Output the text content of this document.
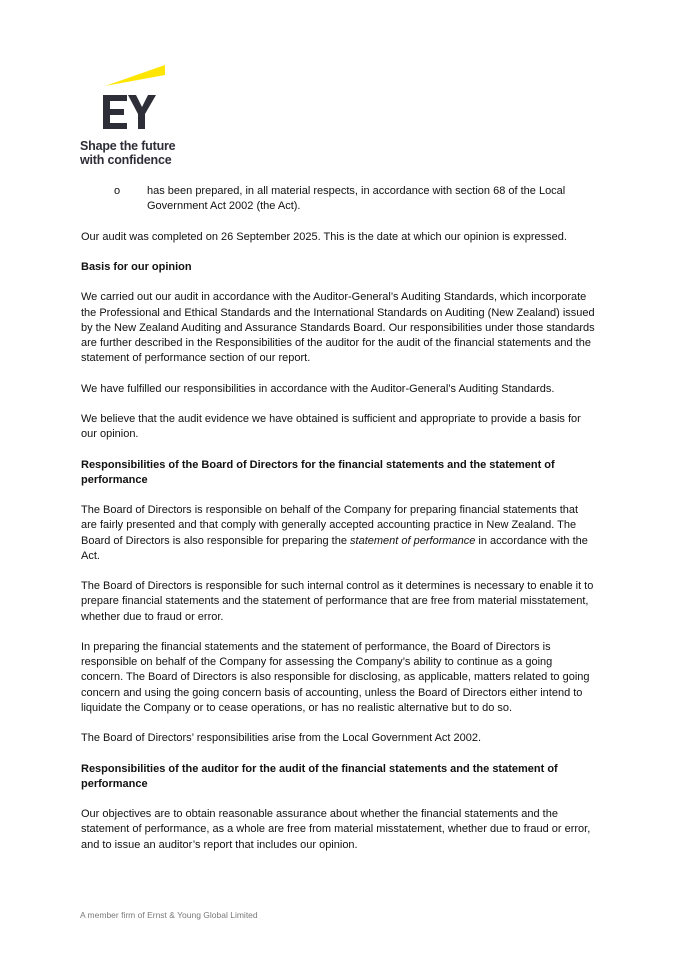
Shape the future
with confidence
o has been prepared, in all material respects, in accordance with section 68 of the Local Government Act 2002 (the Act).

Our audit was completed on 26 September 2025. This is the date at which our opinion is expressed.

Basis for our opinion

We carried out our audit in accordance with the Auditor-General’s Auditing Standards, which incorporate the Professional and Ethical Standards and the International Standards on Auditing (New Zealand) issued by the New Zealand Auditing and Assurance Standards Board. Our responsibilities under those standards are further described in the Responsibilities of the auditor for the audit of the financial statements and the statement of performance section of our report.

We have fulfilled our responsibilities in accordance with the Auditor-General’s Auditing Standards.

We believe that the audit evidence we have obtained is sufficient and appropriate to provide a basis for our opinion.

Responsibilities of the Board of Directors for the financial statements and the statement of performance

The Board of Directors is responsible on behalf of the Company for preparing financial statements that are fairly presented and that comply with generally accepted accounting practice in New Zealand. The Board of Directors is also responsible for preparing the statement of performance in accordance with the Act.

The Board of Directors is responsible for such internal control as it determines is necessary to enable it to prepare financial statements and the statement of performance that are free from material misstatement, whether due to fraud or error.

In preparing the financial statements and the statement of performance, the Board of Directors is responsible on behalf of the Company for assessing the Company’s ability to continue as a going concern. The Board of Directors is also responsible for disclosing, as applicable, matters related to going concern and using the going concern basis of accounting, unless the Board of Directors either intend to liquidate the Company or to cease operations, or has no realistic alternative but to do so.

The Board of Directors’ responsibilities arise from the Local Government Act 2002.

Responsibilities of the auditor for the audit of the financial statements and the statement of performance

Our objectives are to obtain reasonable assurance about whether the financial statements and the statement of performance, as a whole are free from material misstatement, whether due to fraud or error, and to issue an auditor’s report that includes our opinion.

A member firm of Ernst & Young Global Limited
